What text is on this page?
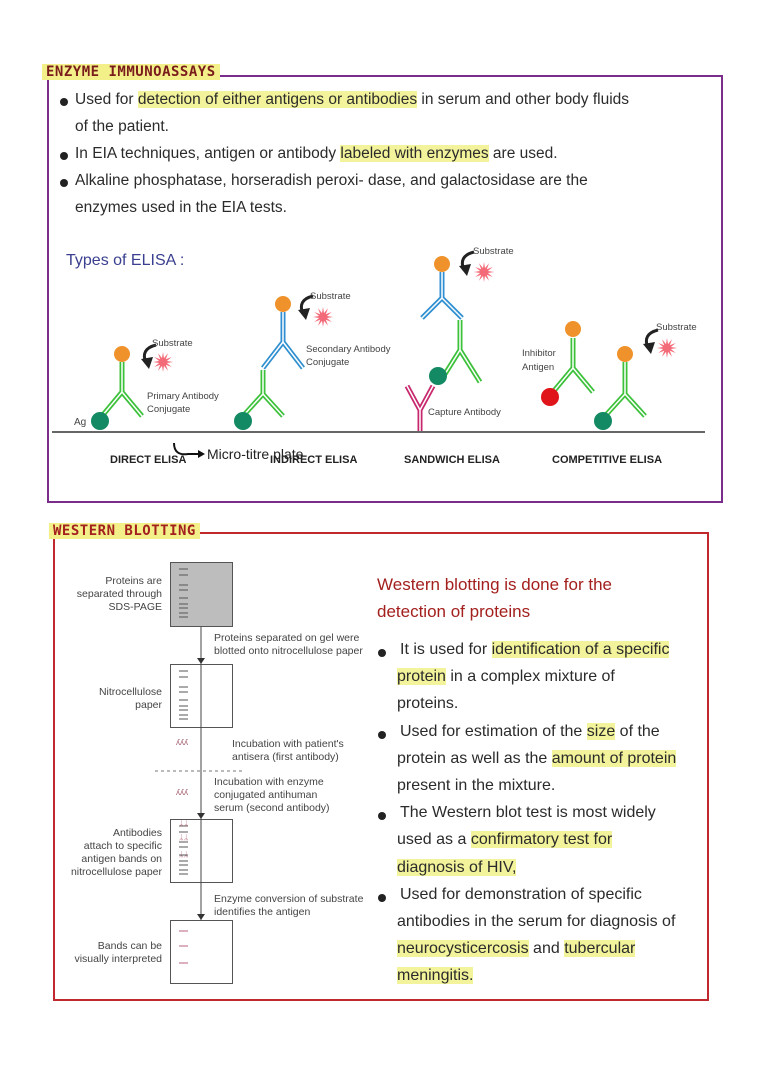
ENZYME IMMUNOASSAYS
Used for detection of either antigens or antibodies in serum and other body fluids
of the patient.
In EIA techniques, antigen or antibody labeled with enzymes are used.
Alkaline phosphatase, horseradish peroxi- dase, and galactosidase are the
enzymes used in the EIA tests.
Types of ELISA :
Ag
Substrate
Substrate
Substrate
Substrate
Primary Antibody
Conjugate
Secondary Antibody
Conjugate
Capture Antibody
Inhibitor
Antigen
DIRECT ELISA	INDIRECT ELISA	SANDWICH ELISA	COMPETITIVE ELISA
Micro-titre plate
WESTERN BLOTTING
ᛦᛦ
ᛦᛦ
ᛦᛦ
ʎʎʎ
ʎʎʎ
Proteins are
separated through
SDS-PAGE
Nitrocellulose
paper
Antibodies
attach to specific
antigen bands on
nitrocellulose paper
Bands can be
visually interpreted
Proteins separated on gel were
blotted onto nitrocellulose paper
Incubation with patient's
antisera (first antibody)
Incubation with enzyme
conjugated antihuman
serum (second antibody)
Enzyme conversion of substrate
identifies the antigen
Western blotting is done for the
detection of proteins
It is used for identification of a specific
protein in a complex mixture of
proteins.
Used for estimation of the size of the
protein as well as the amount of protein
present in the mixture.
The Western blot test is most widely
used as a confirmatory test for
diagnosis of HIV,
Used for demonstration of specific
antibodies in the serum for diagnosis of
neurocysticercosis and tubercular
meningitis.
